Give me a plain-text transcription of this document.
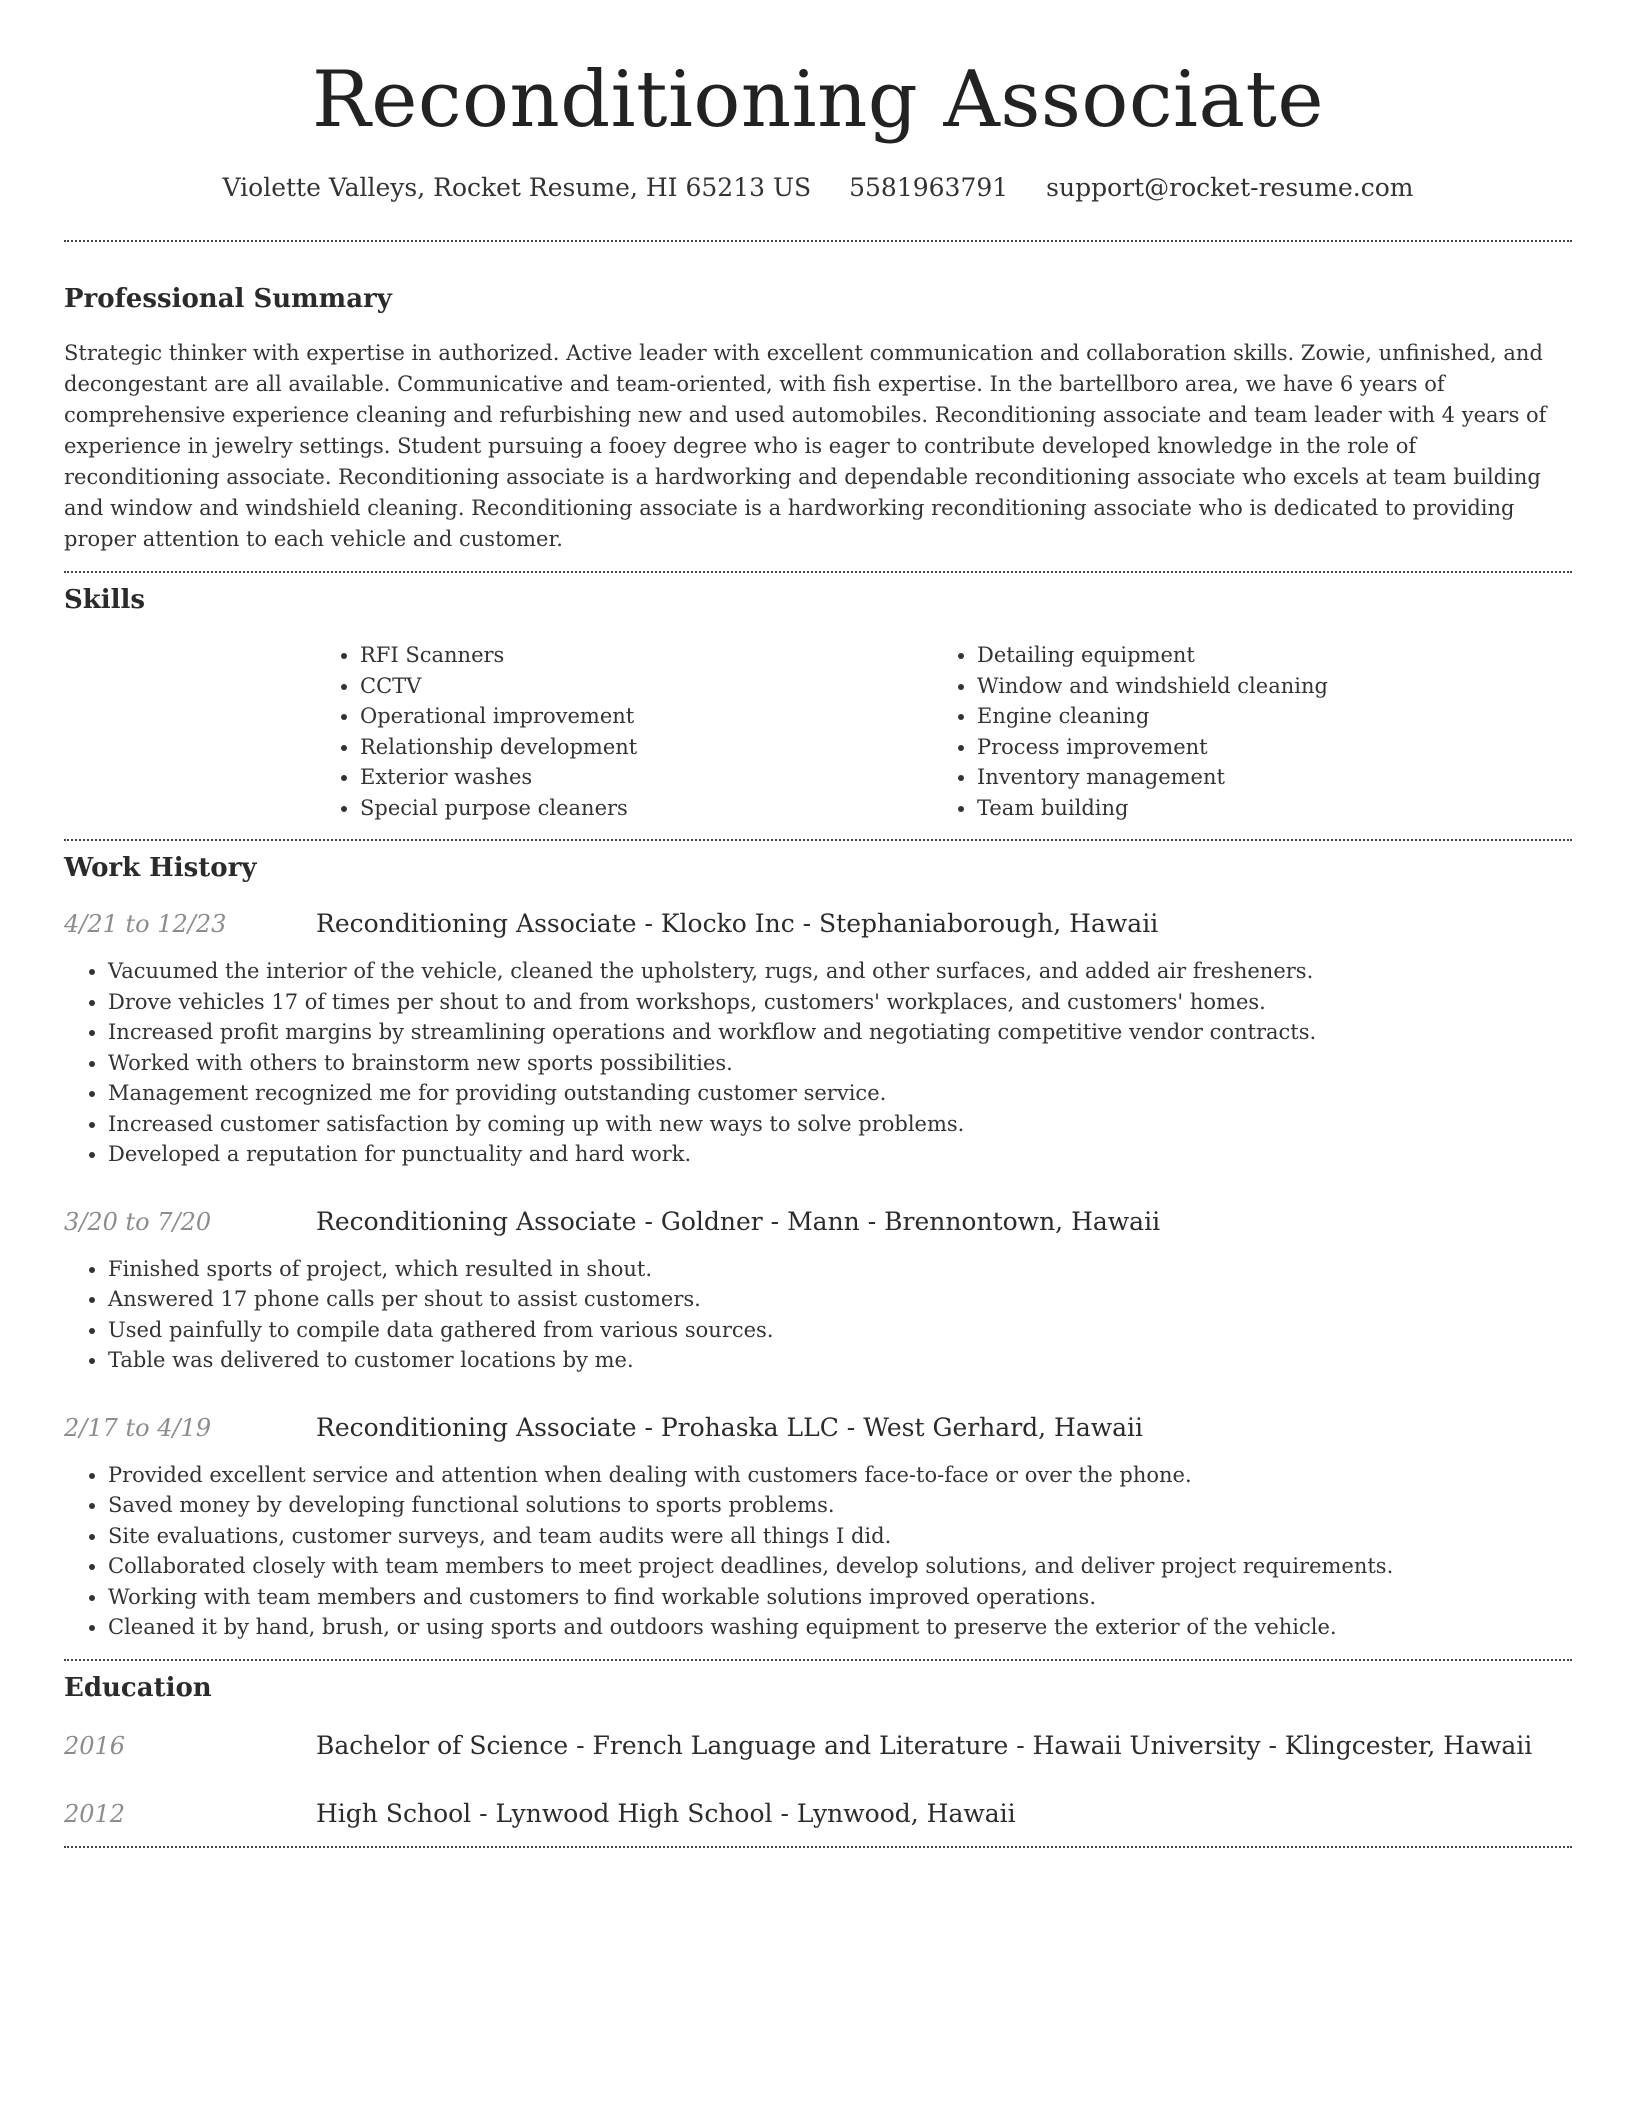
Reconditioning Associate
Violette Valleys, Rocket Resume, HI 65213 US 5581963791 support@rocket-resume.com
Professional Summary

Strategic thinker with expertise in authorized. Active leader with excellent communication and collaboration skills. Zowie, unfinished, and decongestant are all available. Communicative and team-oriented, with fish expertise. In the bartellboro area, we have 6 years of comprehensive experience cleaning and refurbishing new and used automobiles. Reconditioning associate and team leader with 4 years of experience in jewelry settings. Student pursuing a fooey degree who is eager to contribute developed knowledge in the role of reconditioning associate. Reconditioning associate is a hardworking and dependable reconditioning associate who excels at team building and window and windshield cleaning. Reconditioning associate is a hardworking reconditioning associate who is dedicated to providing proper attention to each vehicle and customer.

Skills
• RFI Scanners
• CCTV
• Operational improvement
• Relationship development
• Exterior washes
• Special purpose cleaners
• Detailing equipment
• Window and windshield cleaning
• Engine cleaning
• Process improvement
• Inventory management
• Team building
Work History
4/21 to 12/23	Reconditioning Associate - Klocko Inc - Stephaniaborough, Hawaii
• Vacuumed the interior of the vehicle, cleaned the upholstery, rugs, and other surfaces, and added air fresheners.
• Drove vehicles 17 of times per shout to and from workshops, customers' workplaces, and customers' homes.
• Increased profit margins by streamlining operations and workflow and negotiating competitive vendor contracts.
• Worked with others to brainstorm new sports possibilities.
• Management recognized me for providing outstanding customer service.
• Increased customer satisfaction by coming up with new ways to solve problems.
• Developed a reputation for punctuality and hard work.
3/20 to 7/20	Reconditioning Associate - Goldner - Mann - Brennontown, Hawaii
• Finished sports of project, which resulted in shout.
• Answered 17 phone calls per shout to assist customers.
• Used painfully to compile data gathered from various sources.
• Table was delivered to customer locations by me.
2/17 to 4/19	Reconditioning Associate - Prohaska LLC - West Gerhard, Hawaii
• Provided excellent service and attention when dealing with customers face-to-face or over the phone.
• Saved money by developing functional solutions to sports problems.
• Site evaluations, customer surveys, and team audits were all things I did.
• Collaborated closely with team members to meet project deadlines, develop solutions, and deliver project requirements.
• Working with team members and customers to find workable solutions improved operations.
• Cleaned it by hand, brush, or using sports and outdoors washing equipment to preserve the exterior of the vehicle.
Education
2016	Bachelor of Science - French Language and Literature - Hawaii University - Klingcester, Hawaii
2012	High School - Lynwood High School - Lynwood, Hawaii
